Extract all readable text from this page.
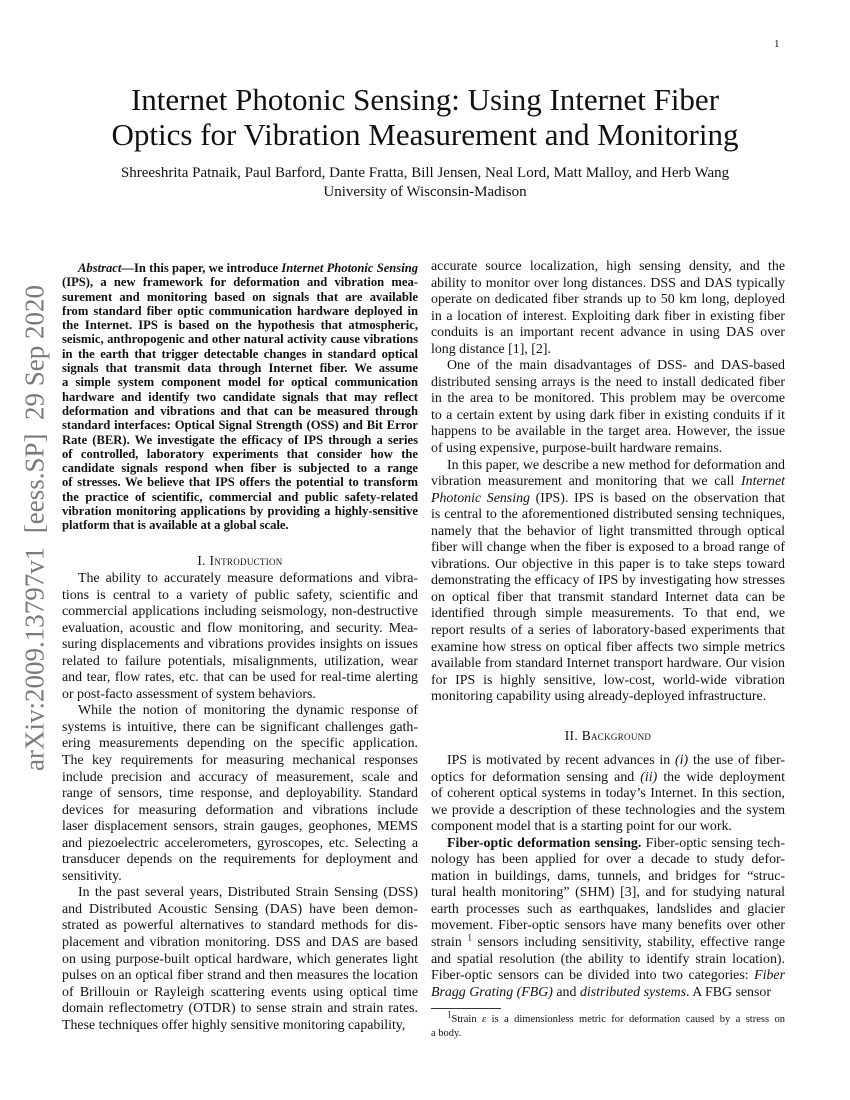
1
arXiv:2009.13797v1  [eess.SP]  29 Sep 2020
Internet Photonic Sensing: Using Internet Fiber
Optics for Vibration Measurement and Monitoring
Shreeshrita Patnaik, Paul Barford, Dante Fratta, Bill Jensen, Neal Lord, Matt Malloy, and Herb Wang
University of Wisconsin-Madison
Abstract—In this paper, we introduce Internet Photonic Sensing
(IPS), a new framework for deformation and vibration mea-
surement and monitoring based on signals that are available
from standard fiber optic communication hardware deployed in
the Internet. IPS is based on the hypothesis that atmospheric,
seismic, anthropogenic and other natural activity cause vibrations
in the earth that trigger detectable changes in standard optical
signals that transmit data through Internet fiber. We assume
a simple system component model for optical communication
hardware and identify two candidate signals that may reflect
deformation and vibrations and that can be measured through
standard interfaces: Optical Signal Strength (OSS) and Bit Error
Rate (BER). We investigate the efficacy of IPS through a series
of controlled, laboratory experiments that consider how the
candidate signals respond when fiber is subjected to a range
of stresses. We believe that IPS offers the potential to transform
the practice of scientific, commercial and public safety-related
vibration monitoring applications by providing a highly-sensitive
platform that is available at a global scale.
I. Introduction
The ability to accurately measure deformations and vibra-
tions is central to a variety of public safety, scientific and
commercial applications including seismology, non-destructive
evaluation, acoustic and flow monitoring, and security. Mea-
suring displacements and vibrations provides insights on issues
related to failure potentials, misalignments, utilization, wear
and tear, flow rates, etc. that can be used for real-time alerting
or post-facto assessment of system behaviors.
While the notion of monitoring the dynamic response of
systems is intuitive, there can be significant challenges gath-
ering measurements depending on the specific application.
The key requirements for measuring mechanical responses
include precision and accuracy of measurement, scale and
range of sensors, time response, and deployability. Standard
devices for measuring deformation and vibrations include
laser displacement sensors, strain gauges, geophones, MEMS
and piezoelectric accelerometers, gyroscopes, etc. Selecting a
transducer depends on the requirements for deployment and
sensitivity.
In the past several years, Distributed Strain Sensing (DSS)
and Distributed Acoustic Sensing (DAS) have been demon-
strated as powerful alternatives to standard methods for dis-
placement and vibration monitoring. DSS and DAS are based
on using purpose-built optical hardware, which generates light
pulses on an optical fiber strand and then measures the location
of Brillouin or Rayleigh scattering events using optical time
domain reflectometry (OTDR) to sense strain and strain rates.
These techniques offer highly sensitive monitoring capability,
accurate source localization, high sensing density, and the
ability to monitor over long distances. DSS and DAS typically
operate on dedicated fiber strands up to 50 km long, deployed
in a location of interest. Exploiting dark fiber in existing fiber
conduits is an important recent advance in using DAS over
long distance [1], [2].
One of the main disadvantages of DSS- and DAS-based
distributed sensing arrays is the need to install dedicated fiber
in the area to be monitored. This problem may be overcome
to a certain extent by using dark fiber in existing conduits if it
happens to be available in the target area. However, the issue
of using expensive, purpose-built hardware remains.
In this paper, we describe a new method for deformation and
vibration measurement and monitoring that we call Internet
Photonic Sensing (IPS). IPS is based on the observation that
is central to the aforementioned distributed sensing techniques,
namely that the behavior of light transmitted through optical
fiber will change when the fiber is exposed to a broad range of
vibrations. Our objective in this paper is to take steps toward
demonstrating the efficacy of IPS by investigating how stresses
on optical fiber that transmit standard Internet data can be
identified through simple measurements. To that end, we
report results of a series of laboratory-based experiments that
examine how stress on optical fiber affects two simple metrics
available from standard Internet transport hardware. Our vision
for IPS is highly sensitive, low-cost, world-wide vibration
monitoring capability using already-deployed infrastructure.
II. Background
IPS is motivated by recent advances in (i) the use of fiber-
optics for deformation sensing and (ii) the wide deployment
of coherent optical systems in today’s Internet. In this section,
we provide a description of these technologies and the system
component model that is a starting point for our work.
Fiber-optic deformation sensing. Fiber-optic sensing tech-
nology has been applied for over a decade to study defor-
mation in buildings, dams, tunnels, and bridges for “struc-
tural health monitoring” (SHM) [3], and for studying natural
earth processes such as earthquakes, landslides and glacier
movement. Fiber-optic sensors have many benefits over other
strain $^1$ sensors including sensitivity, stability, effective range
and spatial resolution (the ability to identify strain location).
Fiber-optic sensors can be divided into two categories: Fiber
Bragg Grating (FBG) and distributed systems. A FBG sensor
1Strain ε is a dimensionless metric for deformation caused by a stress on
a body.
